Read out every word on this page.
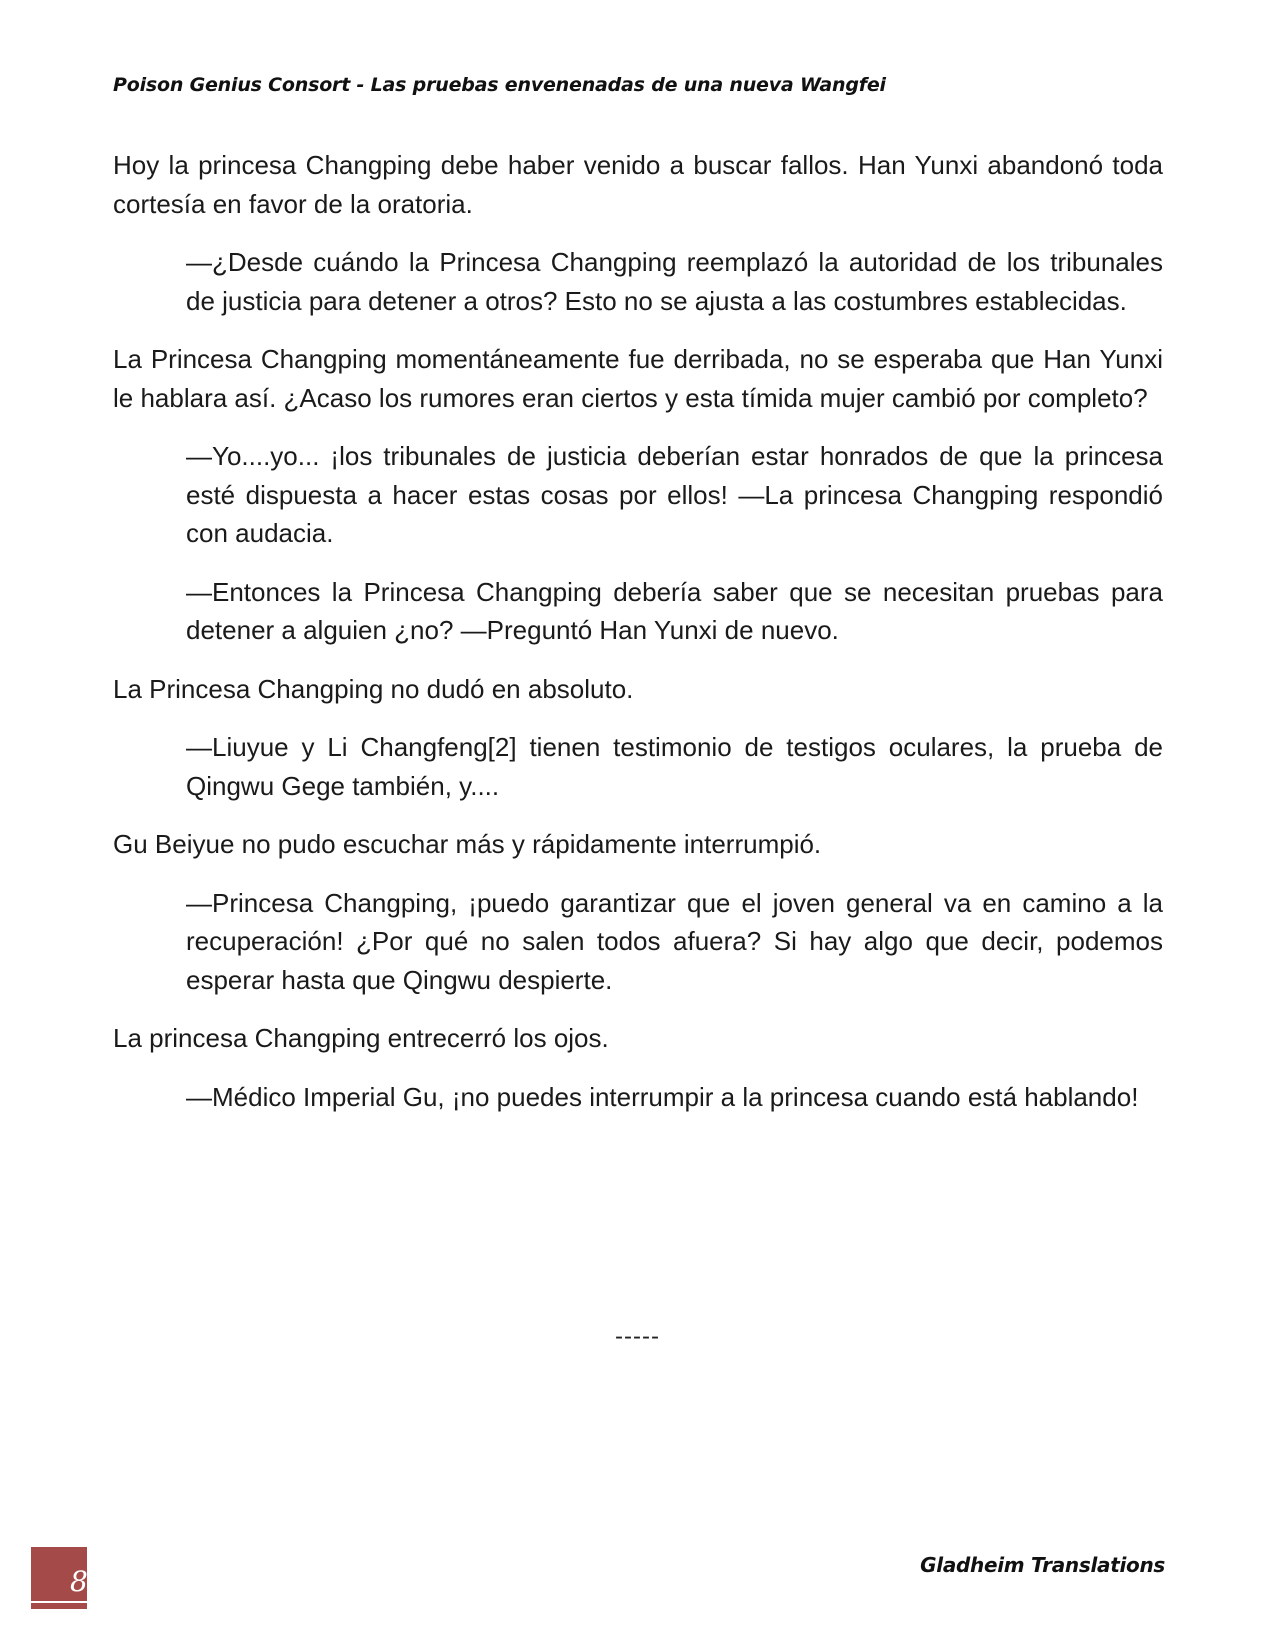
Poison Genius Consort - Las pruebas envenenadas de una nueva Wangfei

Hoy la princesa Changping debe haber venido a buscar fallos. Han Yunxi abandonó toda cortesía en favor de la oratoria.

—¿Desde cuándo la Princesa Changping reemplazó la autoridad de los tribunales de justicia para detener a otros? Esto no se ajusta a las costumbres establecidas.

La Princesa Changping momentáneamente fue derribada, no se esperaba que Han Yunxi le hablara así. ¿Acaso los rumores eran ciertos y esta tímida mujer cambió por completo?

—Yo....yo... ¡los tribunales de justicia deberían estar honrados de que la princesa esté dispuesta a hacer estas cosas por ellos! —La princesa Changping respondió con audacia.

—Entonces la Princesa Changping debería saber que se necesitan pruebas para detener a alguien ¿no? —Preguntó Han Yunxi de nuevo.

La Princesa Changping no dudó en absoluto.

—Liuyue y Li Changfeng[2] tienen testimonio de testigos oculares, la prueba de Qingwu Gege también, y....

Gu Beiyue no pudo escuchar más y rápidamente interrumpió.

—Princesa Changping, ¡puedo garantizar que el joven general va en camino a la recuperación! ¿Por qué no salen todos afuera? Si hay algo que decir, podemos esperar hasta que Qingwu despierte.

La princesa Changping entrecerró los ojos.

—Médico Imperial Gu, ¡no puedes interrumpir a la princesa cuando está hablando!

-----
8	Gladheim Translations
